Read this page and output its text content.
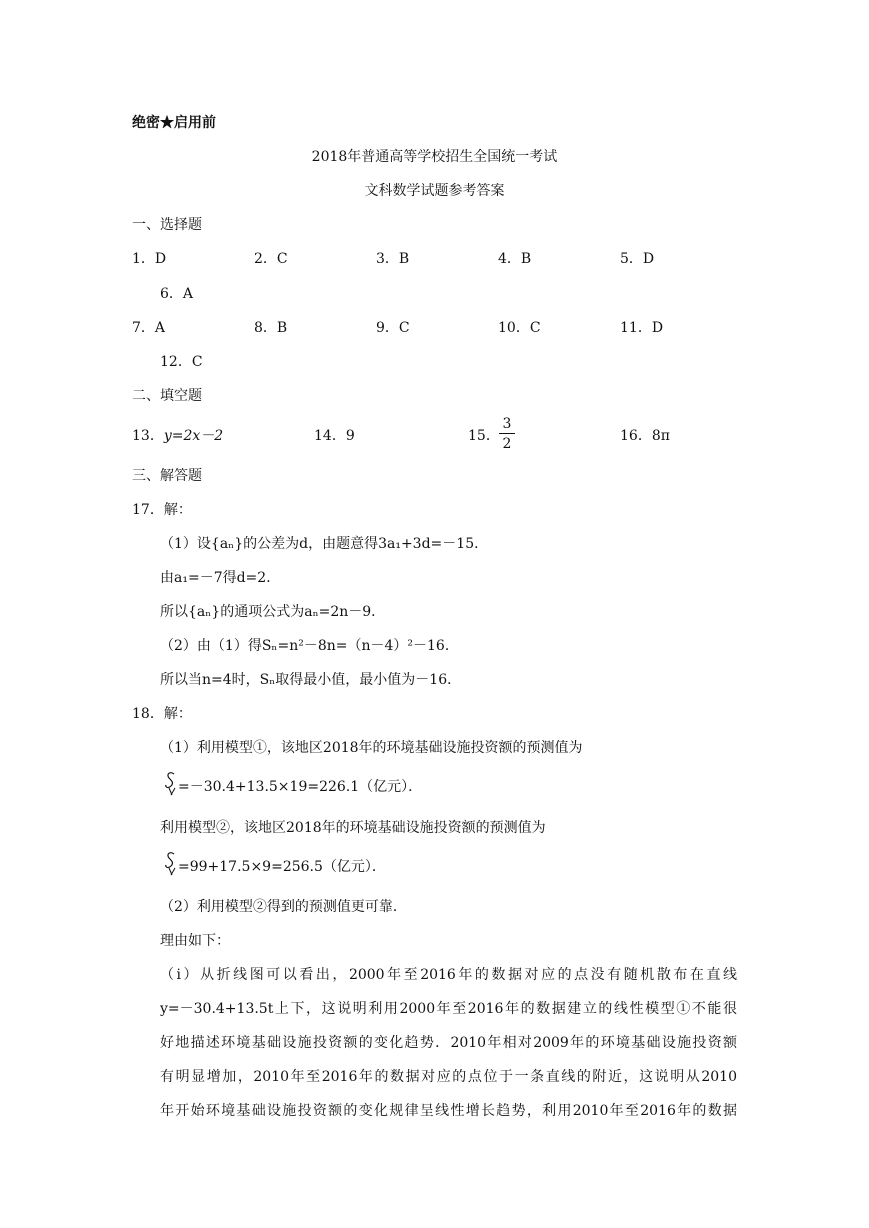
绝密★启用前
2018年普通高等学校招生全国统一考试
文科数学试题参考答案
一、选择题
1．D	2．C	3．B	4．B	5．D
6．A
7．A	8．B	9．C	10．C	11．D
12．C
二、填空题
13．y=2x－2	14．9	15． $\frac{3}{2}$	16．8π
三、解答题
17．解：
（1）设{aₙ}的公差为d，由题意得3a₁+3d=－15．
由a₁=－7得d=2．
所以{aₙ}的通项公式为aₙ=2n－9．
（2）由（1）得Sₙ=n²－8n=（n－4）²－16．
所以当n=4时，Sₙ取得最小值，最小值为－16．
18．解：
（1）利用模型①，该地区2018年的环境基础设施投资额的预测值为
=－30.4+13.5×19=226.1（亿元）．
利用模型②，该地区2018年的环境基础设施投资额的预测值为
=99+17.5×9=256.5（亿元）．
（2）利用模型②得到的预测值更可靠．
理由如下：
（ⅰ）从折线图可以看出，2000年至2016年的数据对应的点没有随机散布在直线
y=－30.4+13.5t上下，这说明利用2000年至2016年的数据建立的线性模型①不能很
好地描述环境基础设施投资额的变化趋势．2010年相对2009年的环境基础设施投资额
有明显增加，2010年至2016年的数据对应的点位于一条直线的附近，这说明从2010
年开始环境基础设施投资额的变化规律呈线性增长趋势，利用2010年至2016年的数据
